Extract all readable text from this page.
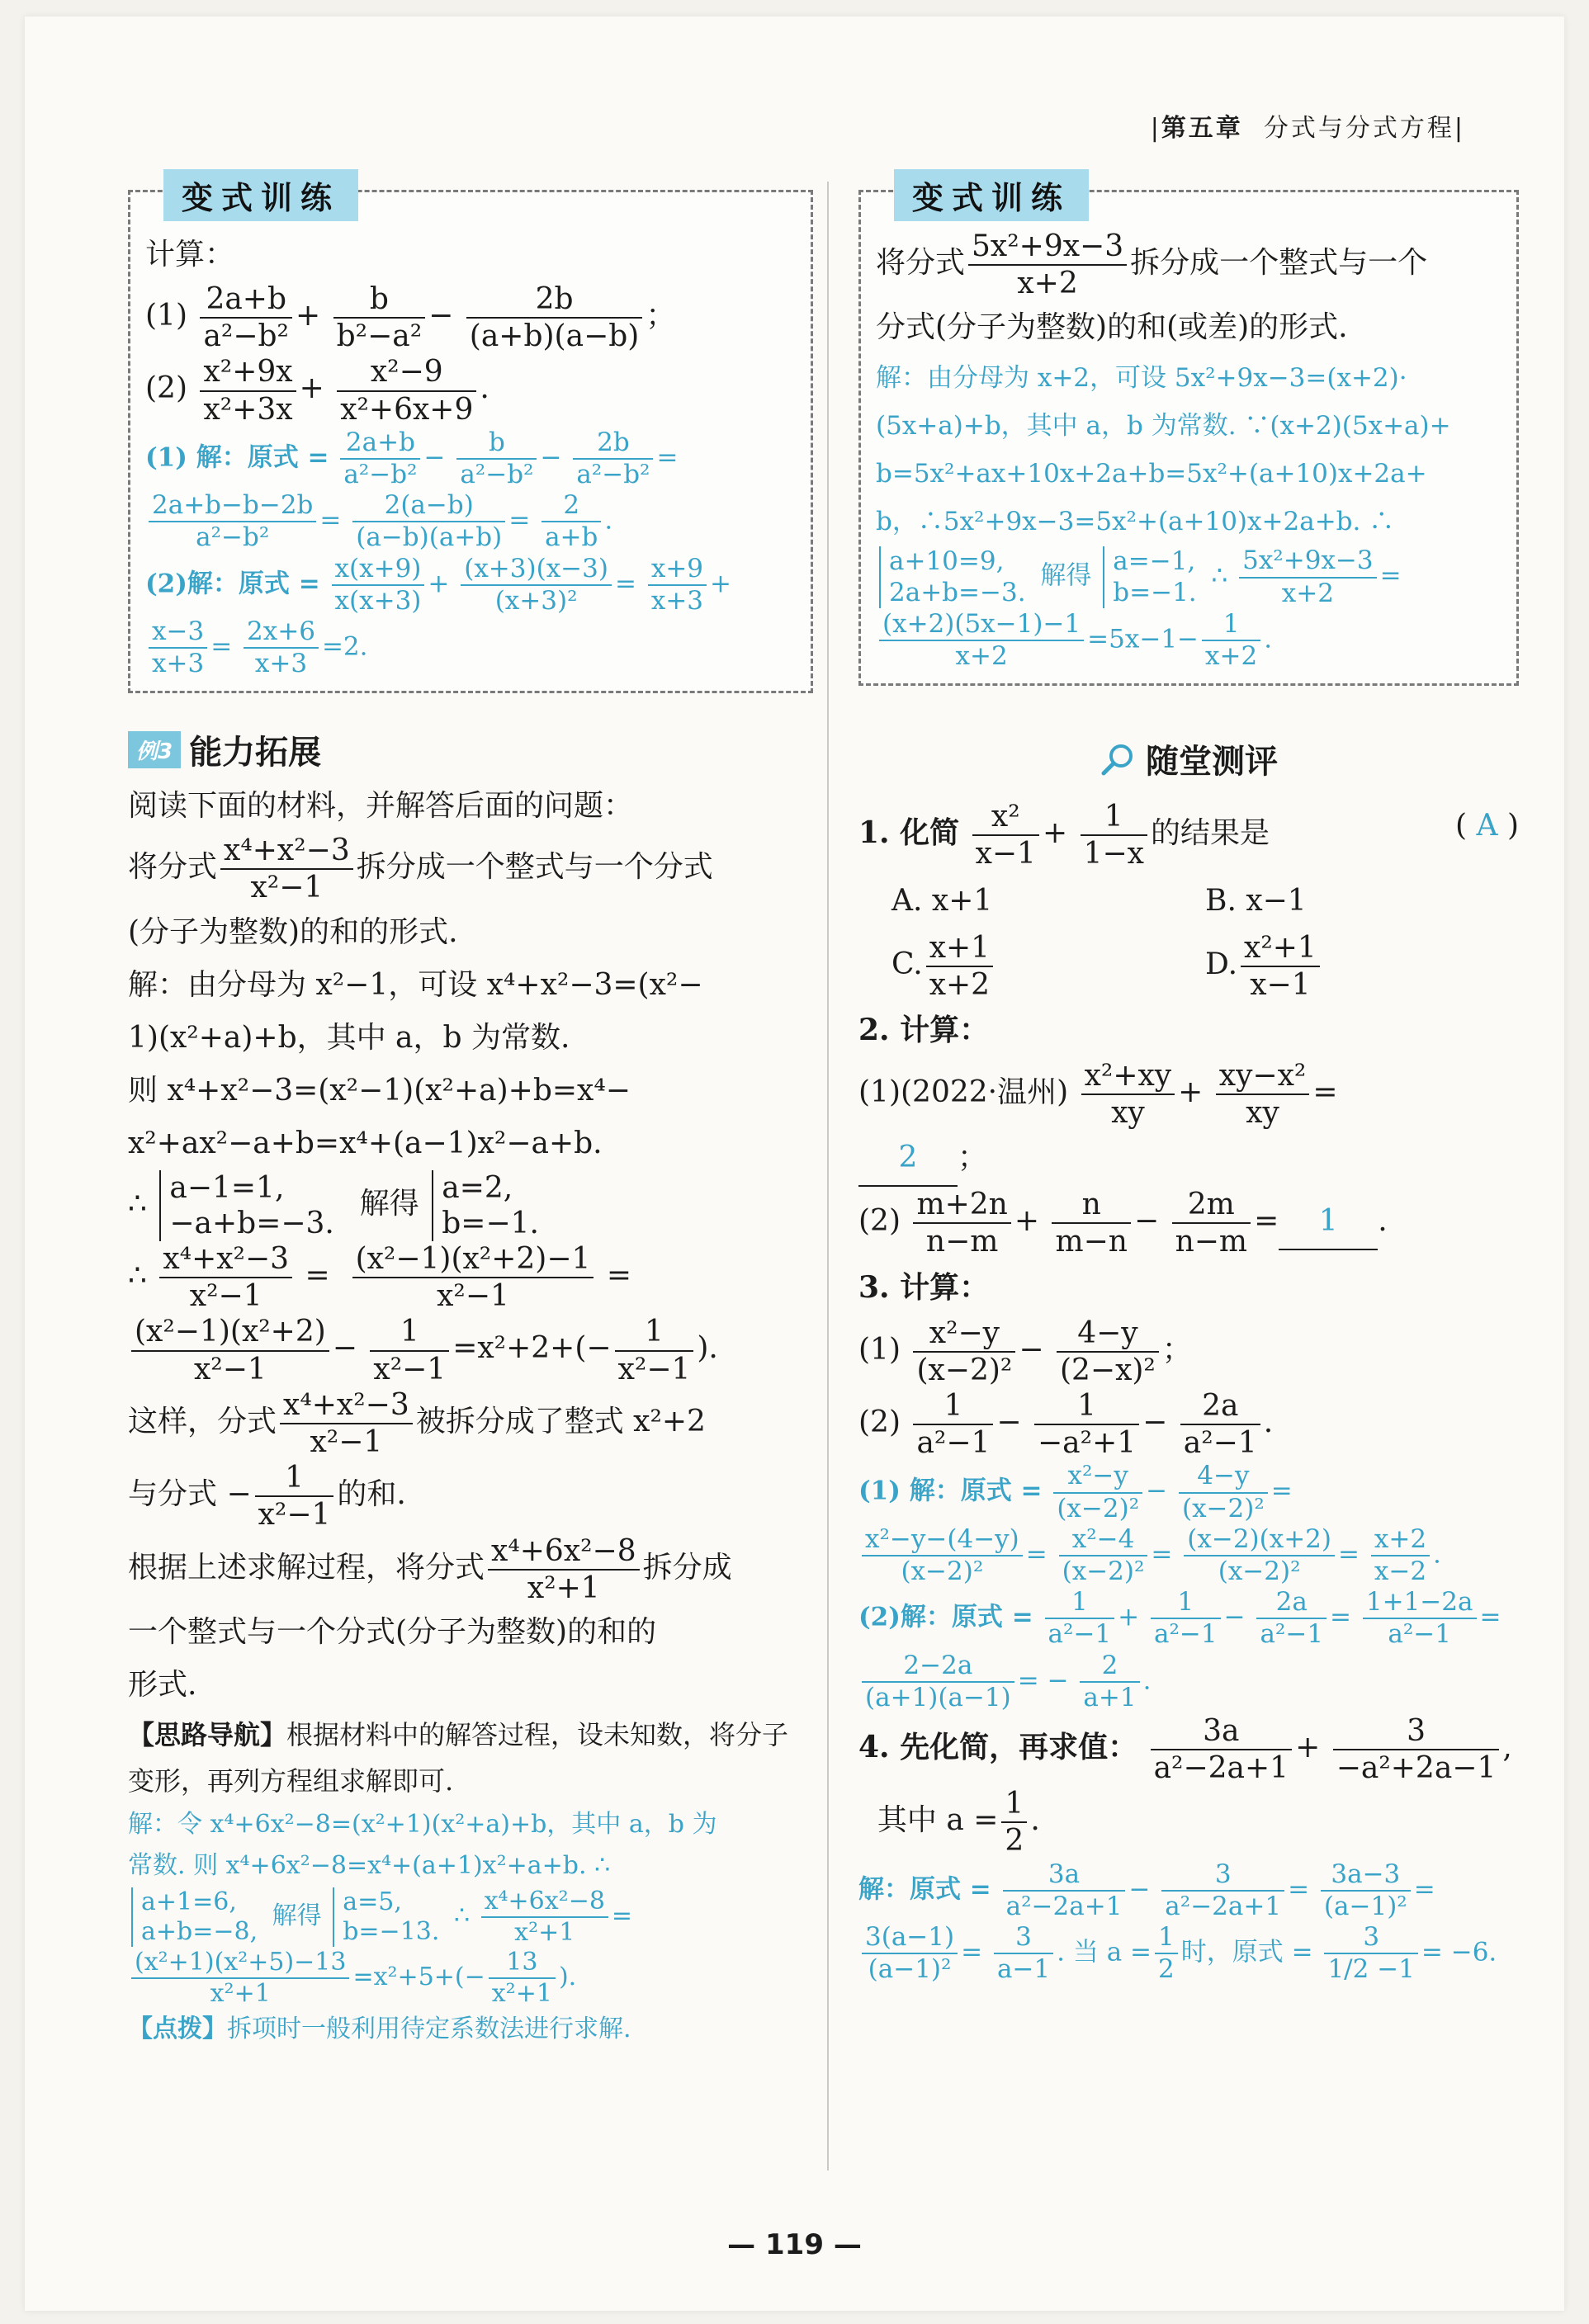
|第五章 分式与分式方程|
变式训练

计算：

$(1) \frac{2a+b}{\text{a²−b²}} + \frac{b}{\text{b²−a²}} - \frac{2b}{(a+b)(a-b)}$ ；

$(2) \frac{\text{x²+9x}}{\text{x²+3x}} + \frac{\text{x²−9}}{\text{x²+6x+9}}$ .

(1) 解：原式 = $\frac{2a+b}{\text{a²−b²}} - \frac{b}{\text{a²−b²}} - \frac{2b}{\text{a²−b²}}$ =

$\frac{2a+b-b-2b}{\text{a²−b²}} = \frac{2(a-b)}{(a-b)(a+b)} = \frac{2}{a+b}$ .

(2)解：原式 = $\frac{x(x+9)}{x(x+3)} + \frac{(x+3)(x-3)}{\text{(x+3)²}} = \frac{x+9}{x+3}$ +

$\frac{x-3}{x+3} = \frac{2x+6}{x+3} =2$.

例3 能力拓展

阅读下面的材料，并解答后面的问题：

将分式 $\frac{\text{x⁴+x²−3}}{\text{x²−1}}$ 拆分成一个整式与一个分式

(分子为整数)的和的形式.

解：由分母为 x²−1，可设 x⁴+x²−3=(x²−

1)(x²+a)+b，其中 a，b 为常数.

则 x⁴+x²−3=(x²−1)(x²+a)+b=x⁴−

x²+ax²−a+b=x⁴+(a−1)x²−a+b.

∴ a−1=1,
−a+b=−3.
解得 a=2,
b=−1.

∴ $\frac{\text{x⁴+x²−3}}{\text{x²−1}} = \frac{\text{(x²−1)(x²+2)−1}}{\text{x²−1}}$ =

$\frac{\text{(x²−1)(x²+2)}}{\text{x²−1}} - \frac{1}{\text{x²−1}} =x^2+2+(- \frac{1}{\text{x²−1}}$ ).

这样，分式 $\frac{\text{x⁴+x²−3}}{\text{x²−1}}$ 被拆分成了整式 x²+2

与分式 − $\frac{1}{\text{x²−1}}$ 的和.

根据上述求解过程，将分式 $\frac{\text{x⁴+6x²−8}}{\text{x²+1}}$ 拆分成

一个整式与一个分式(分子为整数)的和的

形式.

【思路导航】根据材料中的解答过程，设未知数，将分子变形，再列方程组求解即可.

解：令 x⁴+6x²−8=(x²+1)(x²+a)+b，其中 a，b 为

常数. 则 x⁴+6x²−8=x⁴+(a+1)x²+a+b. ∴

a+1=6,
a+b=−8,
解得 a=5,
b=−13.
∴ $\frac{\text{x⁴+6x²−8}}{\text{x²+1}}$ =

$\frac{\text{(x²+1)(x²+5)−13}}{\text{x²+1}} =x^2+5+(- \frac{13}{\text{x²+1}}$ ).

【点拨】拆项时一般利用待定系数法进行求解.

变式训练

将分式 $\frac{\text{5x²+9x−3}}{x+2}$ 拆分成一个整式与一个

分式(分子为整数)的和(或差)的形式.

解：由分母为 x+2，可设 5x²+9x−3=(x+2)·

(5x+a)+b，其中 a，b 为常数. ∵(x+2)(5x+a)+

b=5x²+ax+10x+2a+b=5x²+(a+10)x+2a+

b，∴5x²+9x−3=5x²+(a+10)x+2a+b. ∴

a+10=9,
2a+b=−3.
解得 a=−1,
b=−1.
∴ $\frac{\text{5x²+9x−3}}{x+2}$ =

$\frac{(x+2)(5x-1)-1}{x+2} =5x-1- \frac{1}{x+2}$ .

随堂测评

1. 化简 $\frac{\text{x²}}{x-1} + \frac{1}{1-x}$ 的结果是	( A )

A. x+1	B. x−1
C. $\frac{x+1}{x+2}$	D. $\frac{\text{x²+1}}{x-1}$

2. 计算：

(1)(2022·温州) $\frac{\text{x²+xy}}{xy} + \frac{\text{xy−x²}}{xy}$ =

2 ；

$(2) \frac{m+2n}{n-m} + \frac{n}{m-n} - \frac{2m}{n-m} = 1$ .

3. 计算：

$(1) \frac{\text{x²−y}}{\text{(x−2)²}} - \frac{4-y}{\text{(2−x)²}}$ ；

$(2) \frac{1}{\text{a²−1}} - \frac{1}{\text{−a²+1}} - \frac{2a}{\text{a²−1}}$ .

(1) 解：原式 = $\frac{\text{x²−y}}{\text{(x−2)²}} - \frac{4-y}{\text{(x−2)²}}$ =

$\frac{\text{x²−y−(4−y)}}{\text{(x−2)²}} = \frac{\text{x²−4}}{\text{(x−2)²}} = \frac{(x-2)(x+2)}{\text{(x−2)²}} = \frac{x+2}{x-2}$ .

(2)解：原式 = $\frac{1}{\text{a²−1}} + \frac{1}{\text{a²−1}} - \frac{2a}{\text{a²−1}} = \frac{1+1-2a}{\text{a²−1}}$ =

$\frac{2-2a}{(a+1)(a-1)}$ = − $\frac{2}{a+1}$ .

4. 先化简，再求值： $\frac{3a}{\text{a²−2a+1}} + \frac{3}{\text{−a²+2a−1}}$ ,

其中 $a = \frac{1}{2}$ .

解：原式 = $\frac{3a}{\text{a²−2a+1}} - \frac{3}{\text{a²−2a+1}} = \frac{3a-3}{\text{(a−1)²}}$ =

$\frac{3(a-1)}{\text{(a−1)²}} = \frac{3}{a-1}$ . 当 $a = \frac{1}{2}$ 时，原式 = $\frac{3}{1/2 -1} = -6$.

— 119 —
